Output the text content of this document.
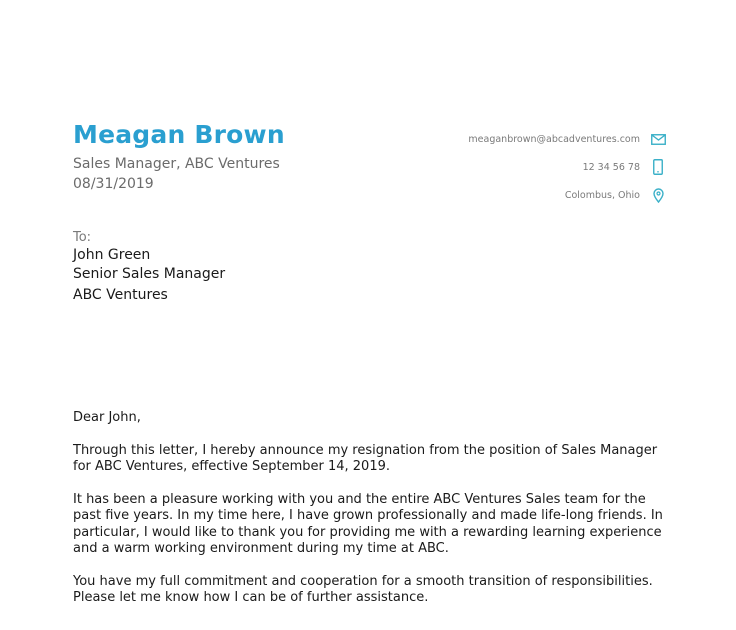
Meagan Brown
Sales Manager, ABC Ventures
08/31/2019
meaganbrown@abcadventures.com
12 34 56 78
Colombus, Ohio
To:
John Green
Senior Sales Manager
ABC Ventures

Dear John,

Through this letter, I hereby announce my resignation from the position of Sales Manager for ABC Ventures, effective September 14, 2019.

It has been a pleasure working with you and the entire ABC Ventures Sales team for the past five years. In my time here, I have grown professionally and made life-long friends. In particular, I would like to thank you for providing me with a rewarding learning experience and a warm working environment during my time at ABC.

You have my full commitment and cooperation for a smooth transition of responsibilities. Please let me know how I can be of further assistance.
